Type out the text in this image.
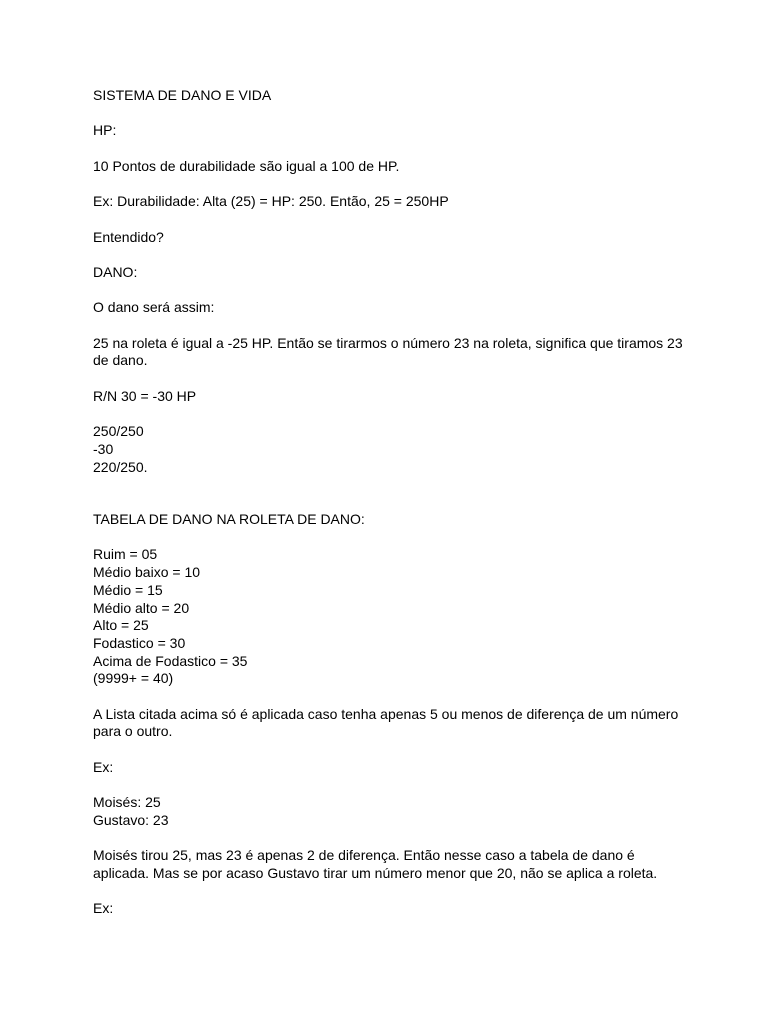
SISTEMA DE DANO E VIDA

HP:

10 Pontos de durabilidade são igual a 100 de HP.

Ex: Durabilidade: Alta (25) = HP: 250. Então, 25 = 250HP

Entendido?

DANO:

O dano será assim:

25 na roleta é igual a -25 HP. Então se tirarmos o número 23 na roleta, significa que tiramos 23 de dano.

R/N 30 = -30 HP

250/250
-30
220/250.

TABELA DE DANO NA ROLETA DE DANO:

Ruim = 05
Médio baixo = 10
Médio = 15
Médio alto = 20
Alto = 25
Fodastico = 30
Acima de Fodastico = 35
(9999+ = 40)

A Lista citada acima só é aplicada caso tenha apenas 5 ou menos de diferença de um número para o outro.

Ex:

Moisés: 25
Gustavo: 23

Moisés tirou 25, mas 23 é apenas 2 de diferença. Então nesse caso a tabela de dano é aplicada. Mas se por acaso Gustavo tirar um número menor que 20, não se aplica a roleta.

Ex:
